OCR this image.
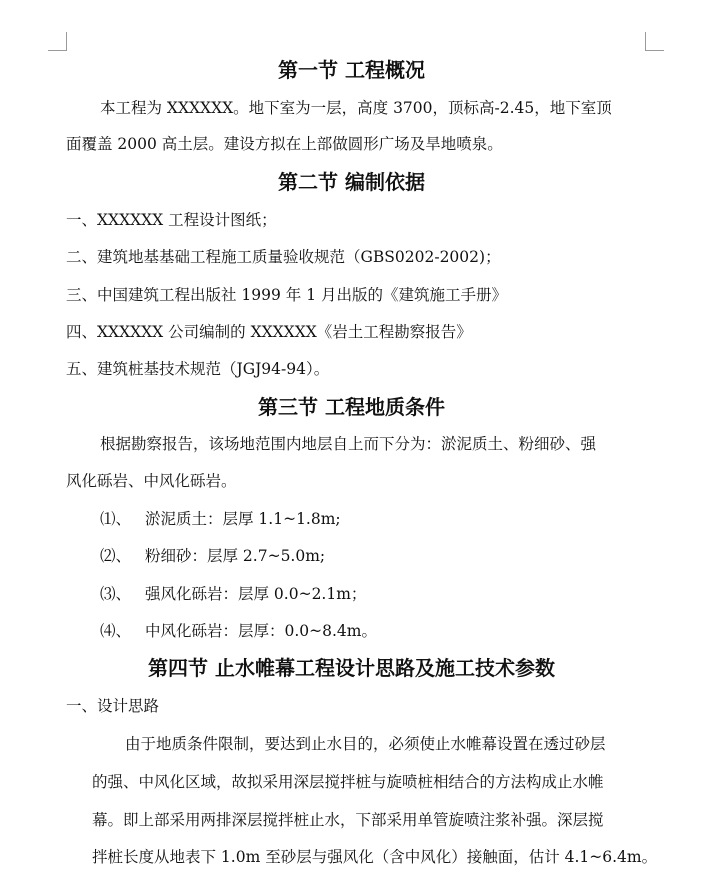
第一节 工程概况
本工程为 XXXXXX。地下室为一层，高度 3700，顶标高-2.45，地下室顶
面覆盖 2000 高土层。建设方拟在上部做圆形广场及旱地喷泉。
第二节 编制依据
一、XXXXXX 工程设计图纸；
二、建筑地基基础工程施工质量验收规范（GBS0202-2002)；
三、中国建筑工程出版社 1999 年 1 月出版的《建筑施工手册》
四、XXXXXX 公司编制的 XXXXXX《岩土工程勘察报告》
五、建筑桩基技术规范（JGJ94-94）。
第三节 工程地质条件
根据勘察报告，该场地范围内地层自上而下分为：淤泥质土、粉细砂、强
风化砾岩、中风化砾岩。
⑴、 淤泥质土：层厚 1.1~1.8m;
⑵、 粉细砂：层厚 2.7~5.0m;
⑶、 强风化砾岩：层厚 0.0~2.1m；
⑷、 中风化砾岩：层厚：0.0~8.4m。
第四节 止水帷幕工程设计思路及施工技术参数
一、设计思路
由于地质条件限制，要达到止水目的，必须使止水帷幕设置在透过砂层
的强、中风化区域，故拟采用深层搅拌桩与旋喷桩相结合的方法构成止水帷
幕。即上部采用两排深层搅拌桩止水，下部采用单管旋喷注浆补强。深层搅
拌桩长度从地表下 1.0m 至砂层与强风化（含中风化）接触面，估计 4.1~6.4m。
